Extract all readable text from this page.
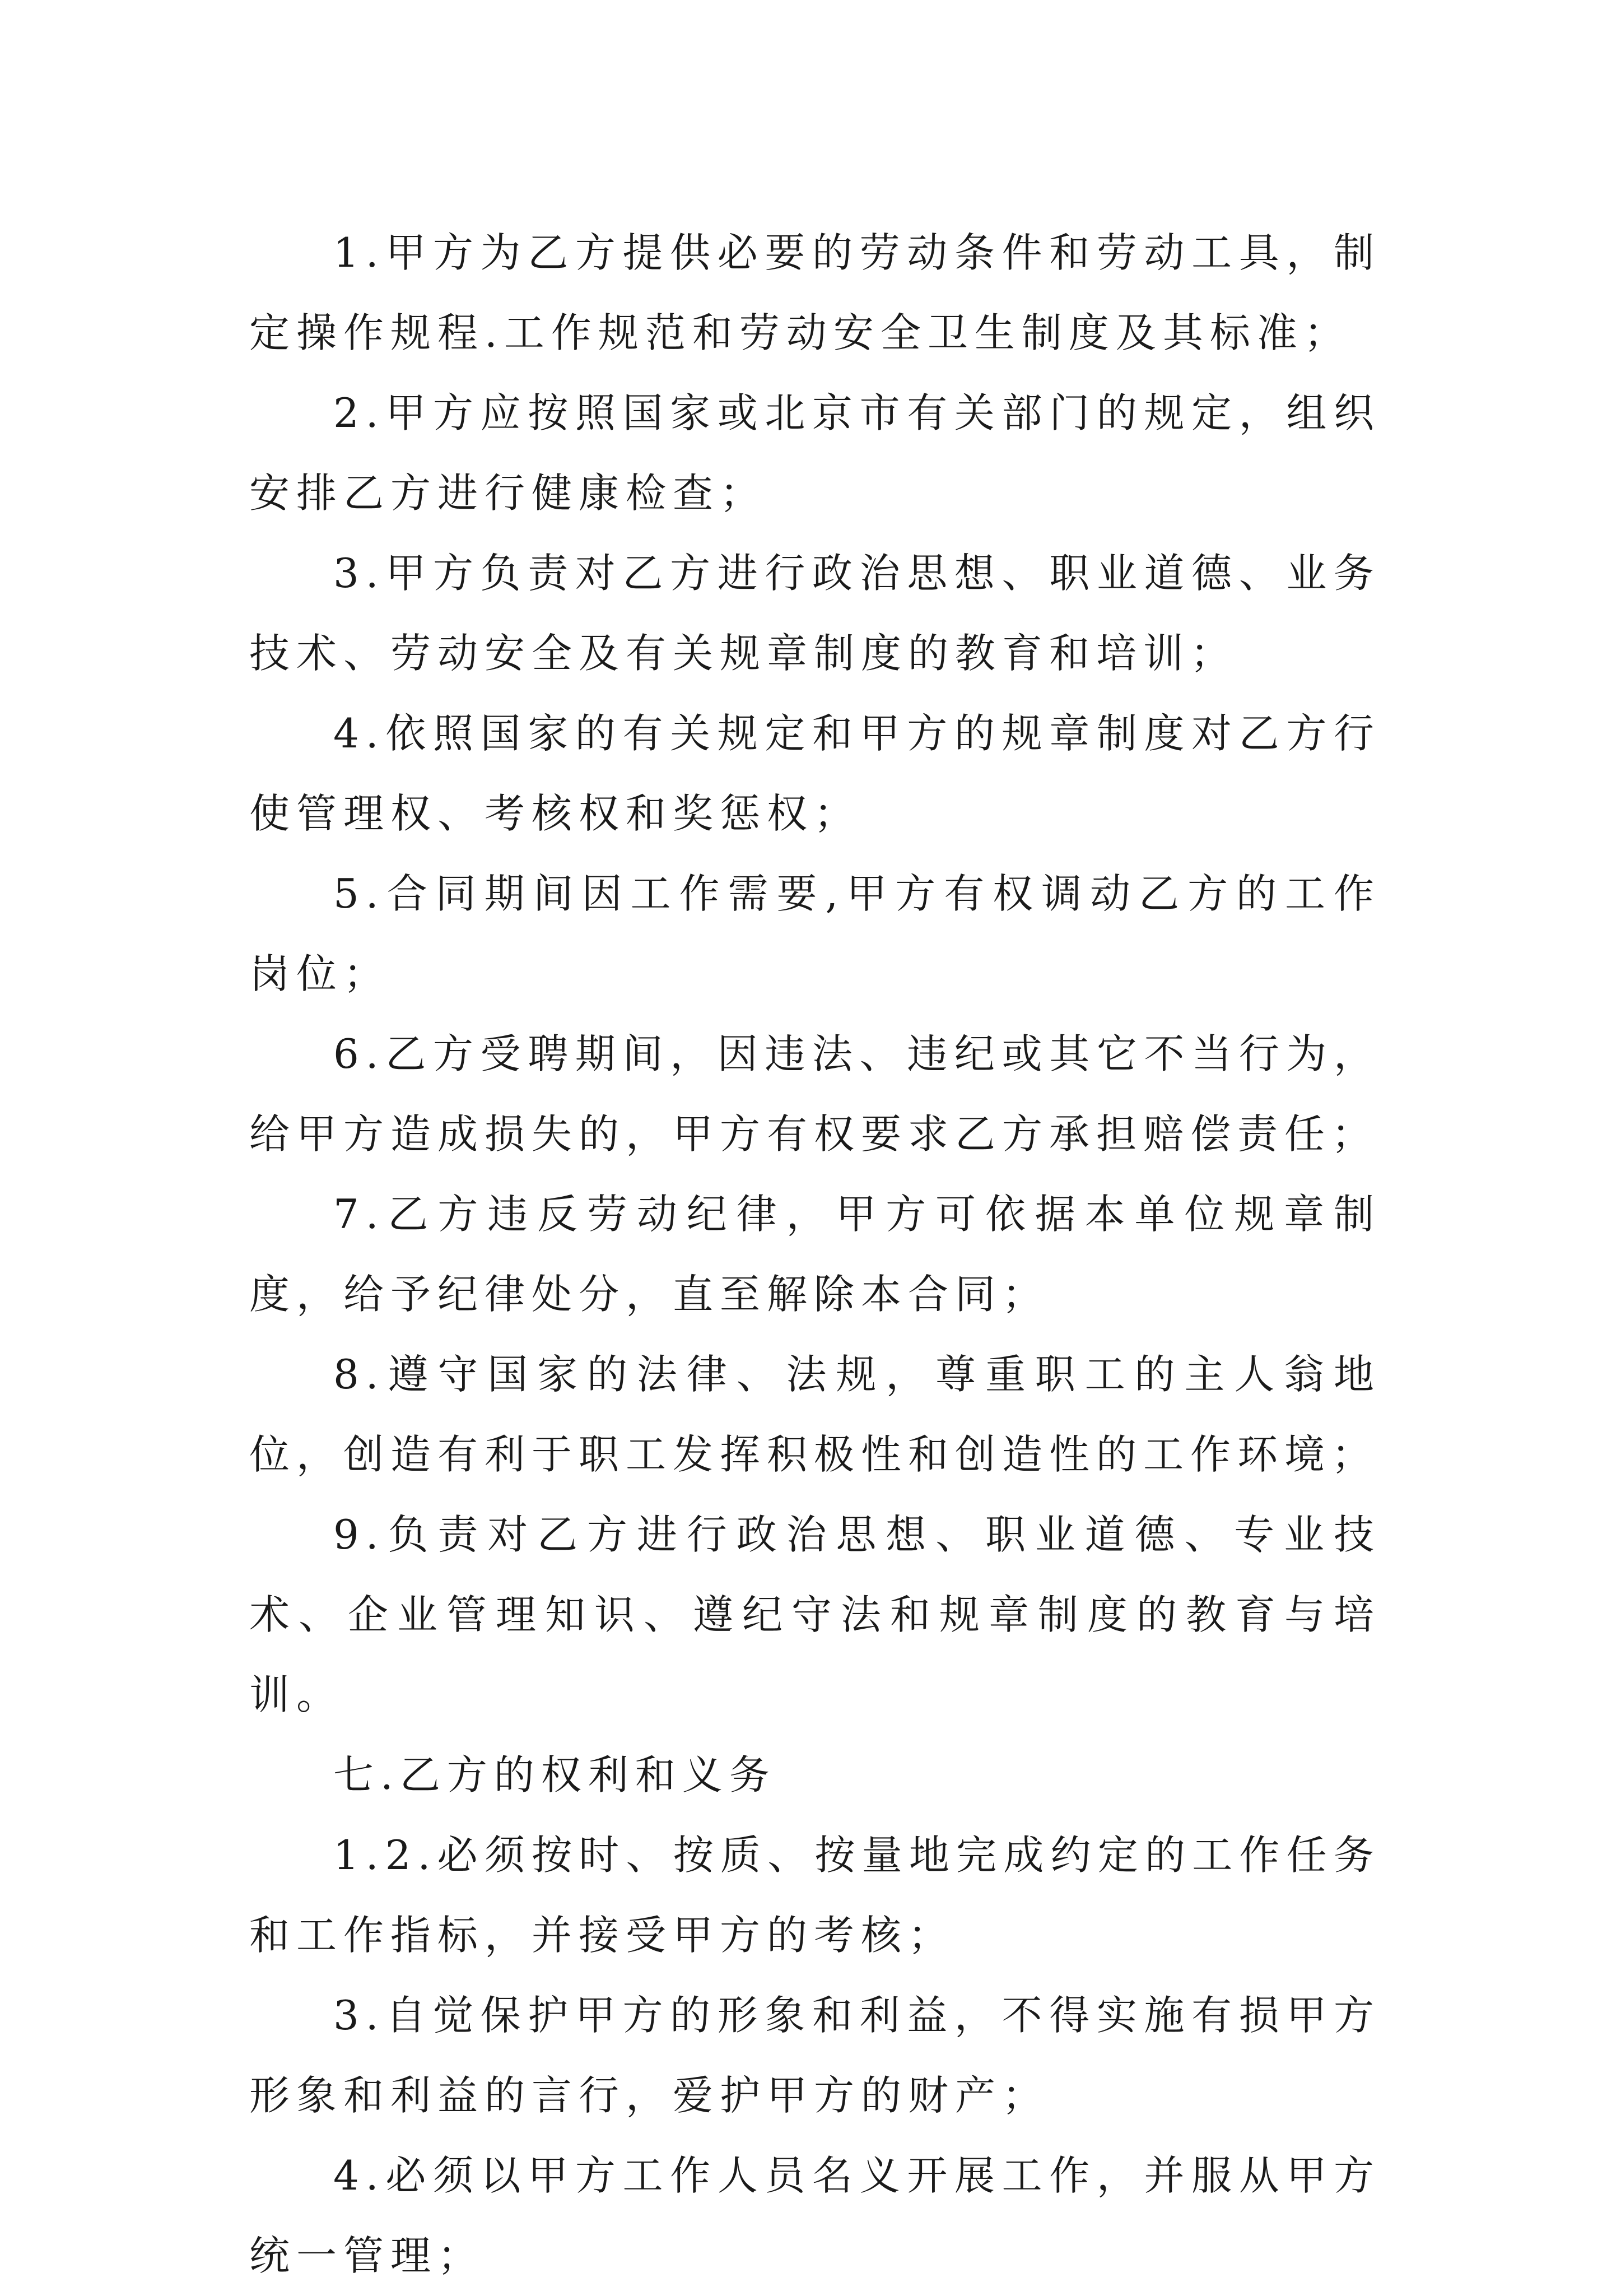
1.甲方为乙方提供必要的劳动条件和劳动工具，制定操作规程.工作规范和劳动安全卫生制度及其标准；

2.甲方应按照国家或北京市有关部门的规定，组织安排乙方进行健康检查；

3.甲方负责对乙方进行政治思想、职业道德、业务技术、劳动安全及有关规章制度的教育和培训；

4.依照国家的有关规定和甲方的规章制度对乙方行使管理权、考核权和奖惩权；

5.合同期间因工作需要,甲方有权调动乙方的工作岗位；

6.乙方受聘期间，因违法、违纪或其它不当行为，给甲方造成损失的，甲方有权要求乙方承担赔偿责任；

7.乙方违反劳动纪律，甲方可依据本单位规章制度，给予纪律处分，直至解除本合同；

8.遵守国家的法律、法规，尊重职工的主人翁地位，创造有利于职工发挥积极性和创造性的工作环境；

9.负责对乙方进行政治思想、职业道德、专业技术、企业管理知识、遵纪守法和规章制度的教育与培训。

七.乙方的权利和义务

1.2.必须按时、按质、按量地完成约定的工作任务和工作指标，并接受甲方的考核；

3.自觉保护甲方的形象和利益，不得实施有损甲方形象和利益的言行，爱护甲方的财产；

4.必须以甲方工作人员名义开展工作，并服从甲方统一管理；
